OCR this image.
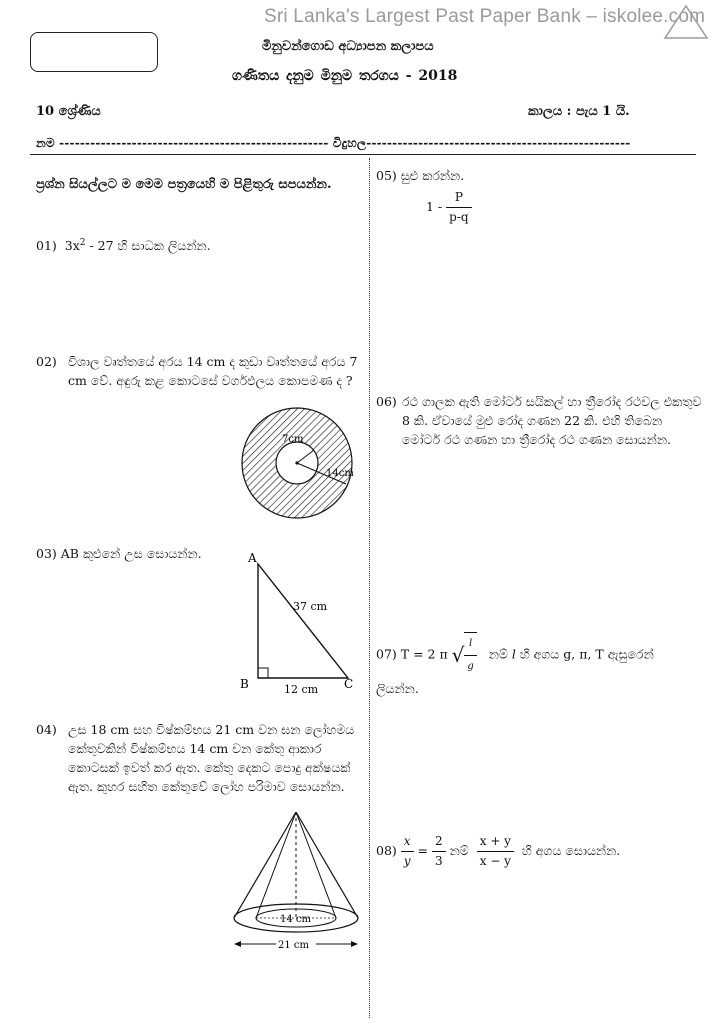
Sri Lanka's Largest Past Paper Bank – iskolee.com
මිනුවන්ගොඩ අධ්‍යාපන කලාපය
ගණිතය දනුම මිනුම තරගය - 2018
10 ශ්‍රේණිය	කාලය : පැය 1 යි.
නම ---------------------------------------------------- විදුහල---------------------------------------------------
ප්‍රශ්න සියල්ලට ම මෙම පත්‍රයෙහි ම පිළිතුරු සපයන්න.
01) $3x^2 - 27$ හි සාධක ලියන්න.
02) විශාල වෘත්තයේ අරය 14 cm ද කුඩා වෘත්තයේ අරය 7 cm වේ. අඳුරු කළ කොටසේ වර්ගඵලය කොපමණ ද ?
7cm
14cm
03) AB කුළුනේ උස සොයන්න.	A
B	C
37 cm
12 cm
04) උස 18 cm සහ විෂ්කම්භය 21 cm වන ඝන ලෝහමය කේතුවකින් විෂ්කම්භය 14 cm වන කේතු ආකාර කොටසක් ඉවත් කර ඇත. කේතු දෙකට පොදු අක්ෂයක් ඇත. කුහර සහිත කේතුවේ ලෝහ පරිමාව සොයන්න.
14 cm
21 cm
05) සුළු කරන්න.
$1 - \frac{P}{p-q}$
06) රථ ගාලක ඇති මෝටර් සයිකල් හා ත්‍රීරෝද රථවල එකතුව 8 කි. ඒවායේ මුළු රෝද ගණන 22 කි. එහි තිබෙන මෝටර් රථ ගණන හා ත්‍රීරෝද රථ ගණන සොයන්න.
07) T = 2 π √ $\frac{l}{g}$ නම් l හි අගය g, π, T ඇසුරෙන් ලියන්න.
$08) \frac{x}{y} = \frac{2}{3}$ නම් $\frac{x + y}{x - y}$ හි අගය සොයන්න.
